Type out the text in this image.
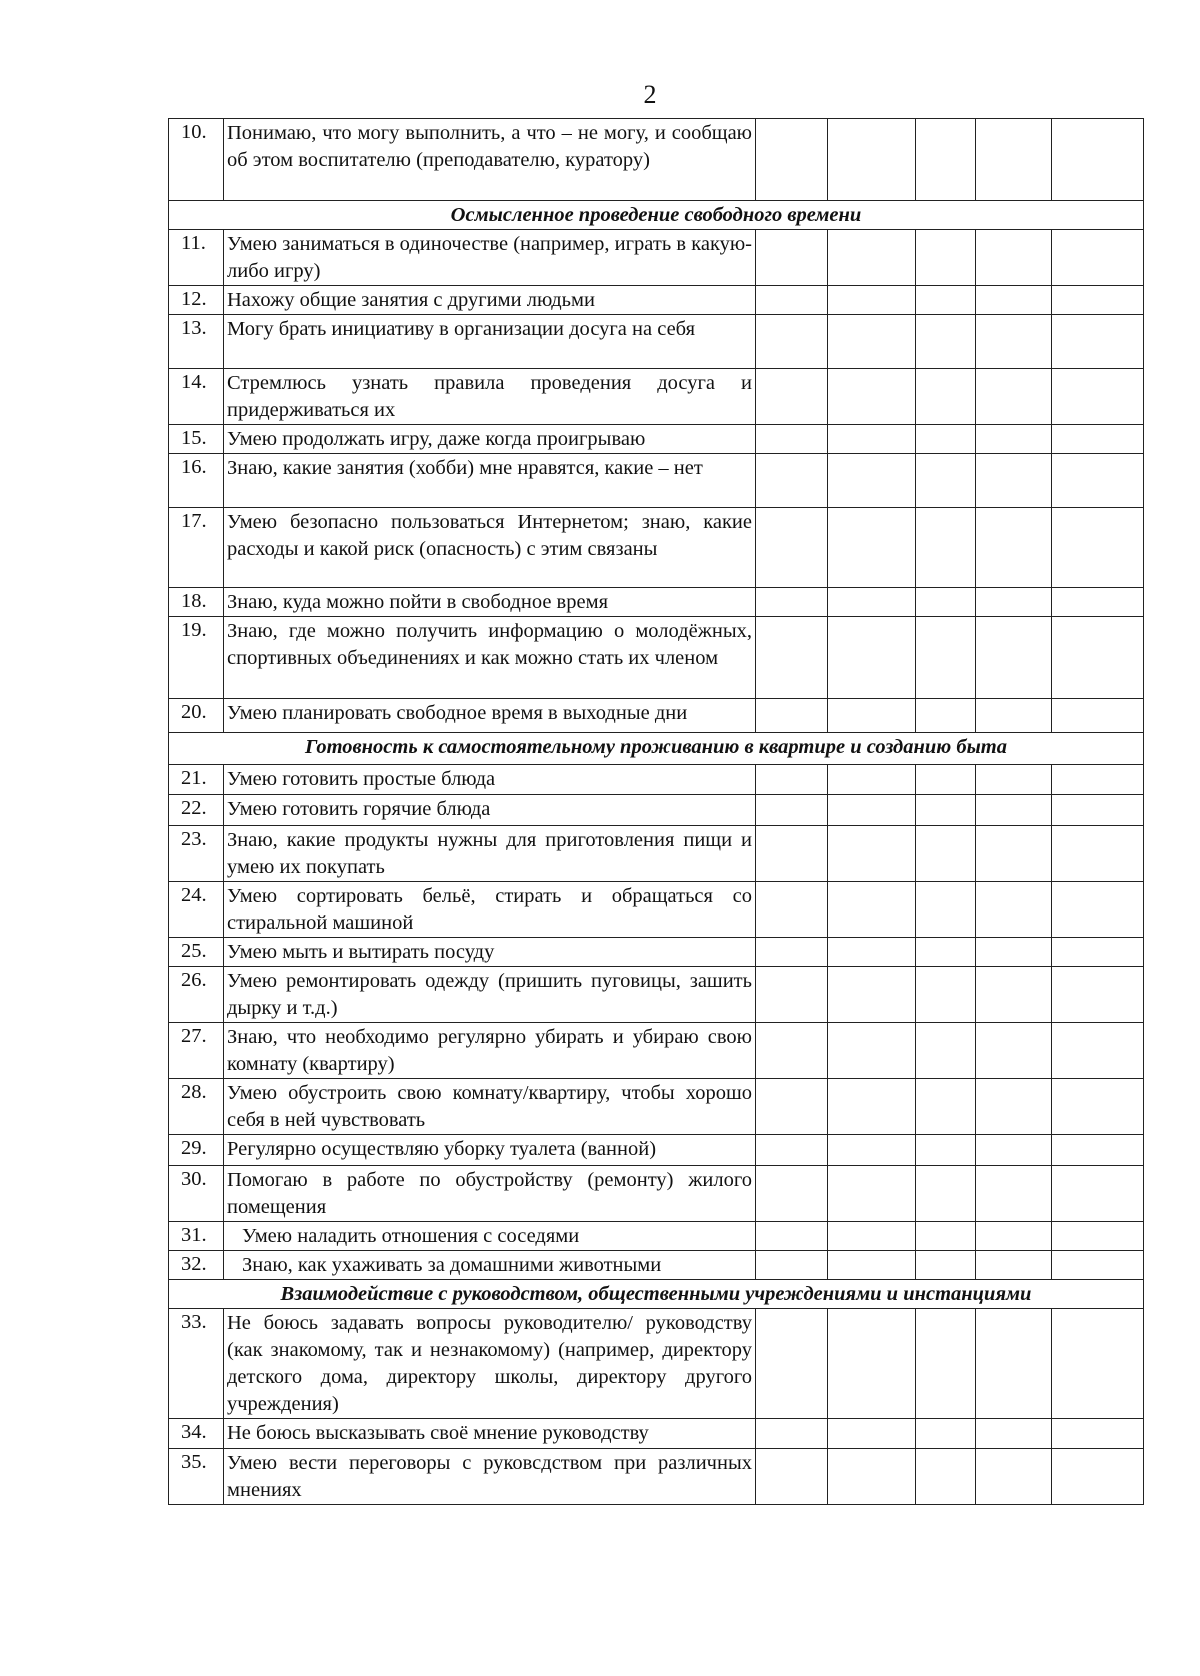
2
10.	Понимаю, что могу выполнить, а что – не могу, и сообщаю об этом воспитателю (преподавателю, куратору)					
Осмысленное проведение свободного времени						
11.	Умею заниматься в одиночестве (например, играть в какую-либо игру)					
12.	Нахожу общие занятия с другими людьми					
13.	Могу брать инициативу в организации досуга на себя					
14.	Стремлюсь узнать правила проведения досуга и придерживаться их					
15.	Умею продолжать игру, даже когда проигрываю					
16.	Знаю, какие занятия (хобби) мне нравятся, какие – нет					
17.	Умею безопасно пользоваться Интернетом; знаю, какие расходы и какой риск (опасность) с этим связаны					
18.	Знаю, куда можно пойти в свободное время					
19.	Знаю, где можно получить информацию о молодёжных, спортивных объединениях и как можно стать их членом					
20.	Умею планировать свободное время в выходные дни					
Готовность к самостоятельному проживанию в квартире и созданию быта						
21.	Умею готовить простые блюда					
22.	Умею готовить горячие блюда					
23.	Знаю, какие продукты нужны для приготовления пищи и умею их покупать					
24.	Умею сортировать бельё, стирать и обращаться со стиральной машиной					
25.	Умею мыть и вытирать посуду					
26.	Умею ремонтировать одежду (пришить пуговицы, зашить дырку и т.д.)					
27.	Знаю, что необходимо регулярно убирать и убираю свою комнату (квартиру)					
28.	Умею обустроить свою комнату/квартиру, чтобы хорошо себя в ней чувствовать					
29.	Регулярно осуществляю уборку туалета (ванной)					
30.	Помогаю в работе по обустройству (ремонту) жилого помещения					
31.	Умею наладить отношения с соседями					
32.	Знаю, как ухаживать за домашними животными					
Взаимодействие с руководством, общественными учреждениями и инстанциями						
33.	Не боюсь задавать вопросы руководителю/ руководству (как знакомому, так и незнакомому) (например, директору детского дома, директору школы, директору другого учреждения)					
34.	Не боюсь высказывать своё мнение руководству					
35.	Умею вести переговоры с руковсдством при различных мнениях					
